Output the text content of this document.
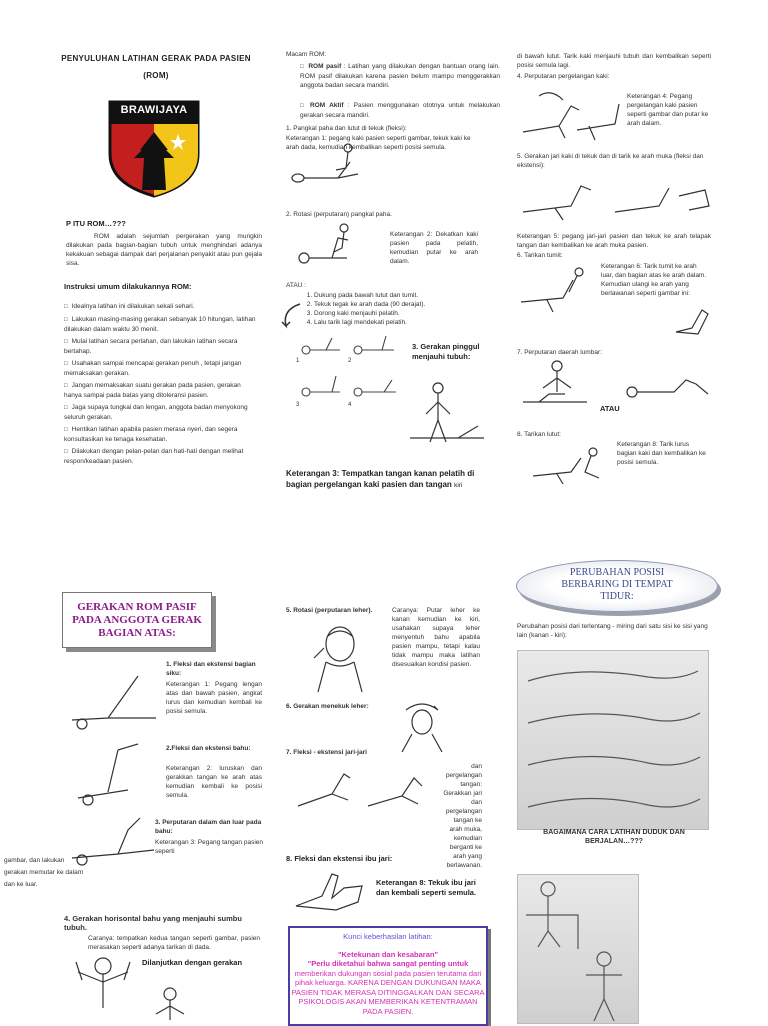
PENYULUHAN LATIHAN GERAK PADA PASIEN
(ROM)
BRAWIJAYA
P ITU ROM…???
ROM adalah sejumlah pergerakan yang mungkin dilakukan pada bagian-bagian tubuh untuk menghindari adanya kekakuan sebagai dampak dari perjalanan penyakit atau pun gejala sisa.
Instruksi umum dilakukannya ROM:
□ Idealnya latihan ini dilakukan sekali sehari.
□ Lakukan masing-masing gerakan sebanyak 10 hitungan, latihan dilakukan dalam waktu 30 menit.
□ Mulai latihan secara perlahan, dan lakukan latihan secara bertahap.
□ Usahakan sampai mencapai gerakan penuh , tetapi jangan memaksakan gerakan.
□ Jangan memaksakan suatu gerakan pada pasien, gerakan hanya sampai pada batas yang ditoleransi pasien.
□ Jaga supaya tungkai dan lengan, anggota badan menyokong seluruh gerakan.
□ Hentikan latihan apabila pasien merasa nyeri, dan segera konsultasikan ke tenaga kesehatan.
□ Dilakukan dengan pelan-pelan dan hati-hati dengan melihat respon/keadaan pasien.
Macam ROM:
□ ROM pasif : Latihan yang dilakukan dengan bantuan orang lain. ROM pasif dilakukan karena pasien belum mampu menggerakkan anggota badan secara mandiri.
□ ROM Aktif : Pasien menggunakan ototnya untuk melakukan gerakan secara mandiri.
1. Pangkal paha dan lutut di tekuk (fleksi):
Keterangan 1: pegang kaki pasien seperti gambar, tekuk kaki ke arah dada, kemudian kembalikan seperti posisi semula.
2. Rotasi (perputaran) pangkal paha.
Keterangan 2: Dekatkan kaki pasien pada pelatih, kemudian putar ke arah dalam.
ATAU :
1. Dukung pada bawah lutut dan tumit.
2. Tekuk tegak ke arah dada (90 derajat).
3. Dorong kaki menjauhi pelatih.
4. Lalu tarik lagi mendekati pelatih.
1	2
3	4
3. Gerakan pinggul menjauhi tubuh:
Keterangan 3: Tempatkan tangan kanan pelatih di bagian pergelangan kaki pasien dan tangan kiri
di bawah lutut. Tarik kaki menjauhi tubuh dan kembalikan seperti posisi semula lagi.
4. Perputaran pergelangan kaki:
Keterangan 4: Pegang pergelangan kaki pasien seperti gambar dan putar ke arah dalam.
5. Gerakan jari kaki di tekuk dan di tarik ke arah muka (fleksi dan ekstensi):
Keterangan 5: pegang jari-jari pasien dan tekuk ke arah telapak tangan dan kembalikan ke arah muka pasien.
6. Tarikan tumit:
Keterangan 6: Tarik tumit ke arah luar, dan bagian atas ke arah dalam. Kemudian ulangi ke arah yang berlawanan seperti gambar ini:
7. Perputaran daerah lumbar:
ATAU
8. Tarikan lutut:
Keterangan 8: Tarik lurus bagian kaki dan kembalikan ke posisi semula.
GERAKAN ROM PASIF PADA ANGGOTA GERAK BAGIAN ATAS:
1. Fleksi dan ekstensi bagian siku:
Keterangan 1: Pegang lengan atas dan bawah pasien, angkat lurus dan kemudian kembali ke posisi semula.
2.Fleksi dan ekstensi bahu:
Keterangan 2: luruskan dan gerakkan tangan ke arah atas kemudian kembali ke posisi semula.
3. Perputaran dalam dan luar pada bahu:
Keterangan 3: Pegang tangan pasien seperti
gambar, dan lakukan
gerakan memutar ke dalam
dan ke luar.
4. Gerakan horisontal bahu yang menjauhi sumbu tubuh.
Caranya: tempatkan kedua tangan seperti gambar, pasien merasakan seperti adanya tarikan di dada.
Dilanjutkan dengan gerakan
5. Rotasi (perputaran leher).	Caranya: Putar leher ke kanan kemudian ke kiri, usahakan supaya leher menyentuh bahu apabila pasien mampu, tetapi kalau tidak mampu maka latihan disesuaikan kondisi pasien.
6. Gerakan menekuk leher:
7. Fleksi - ekstensi jari-jari
dan pergelangan tangan: Gerakkan jari dan pergelangan tangan ke arah muka, kemudian berganti ke arah yang berlawanan.
8. Fleksi dan ekstensi ibu jari:
Keterangan 8: Tekuk ibu jari dan kembali seperti semula.
Kunci keberhasilan latihan:
"Ketekunan dan kesabaran"
"Perlu diketahui bahwa sangat penting untuk
memberikan dukungan sosial pada pasien terutama dari pihak keluarga. KARENA DENGAN DUKUNGAN MAKA PASIEN TIDAK MERASA DITINGGALKAN DAN SECARA PSIKOLOGIS AKAN MEMBERIKAN KETENTRAMAN PADA PASIEN.
PERUBAHAN POSISI BERBARING DI TEMPAT TIDUR:
Perubahan posisi dari terlentang - miring dari satu sisi ke sisi yang lain (kanan - kiri):
BAGAIMANA CARA LATIHAN DUDUK DAN BERJALAN…???
